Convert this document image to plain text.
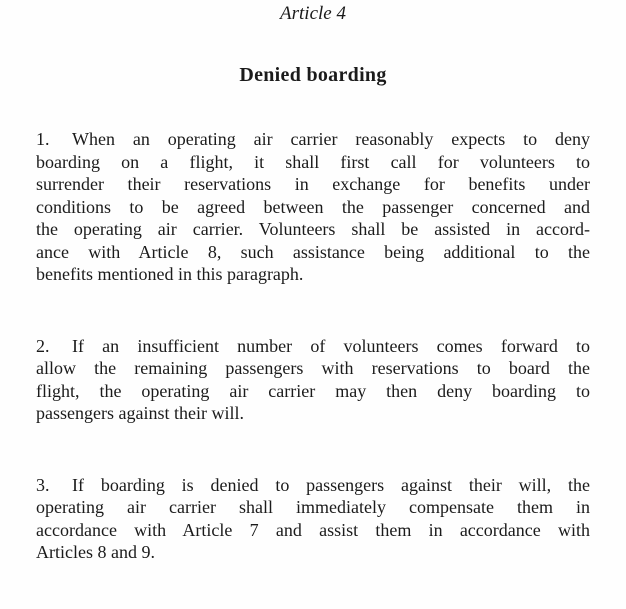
Article 4
Denied boarding
1. When an operating air carrier reasonably expects to deny
boarding on a flight, it shall first call for volunteers to
surrender their reservations in exchange for benefits under
conditions to be agreed between the passenger concerned and
the operating air carrier. Volunteers shall be assisted in accord-
ance with Article 8, such assistance being additional to the
benefits mentioned in this paragraph.
2. If an insufficient number of volunteers comes forward to
allow the remaining passengers with reservations to board the
flight, the operating air carrier may then deny boarding to
passengers against their will.
3. If boarding is denied to passengers against their will, the
operating air carrier shall immediately compensate them in
accordance with Article 7 and assist them in accordance with
Articles 8 and 9.
